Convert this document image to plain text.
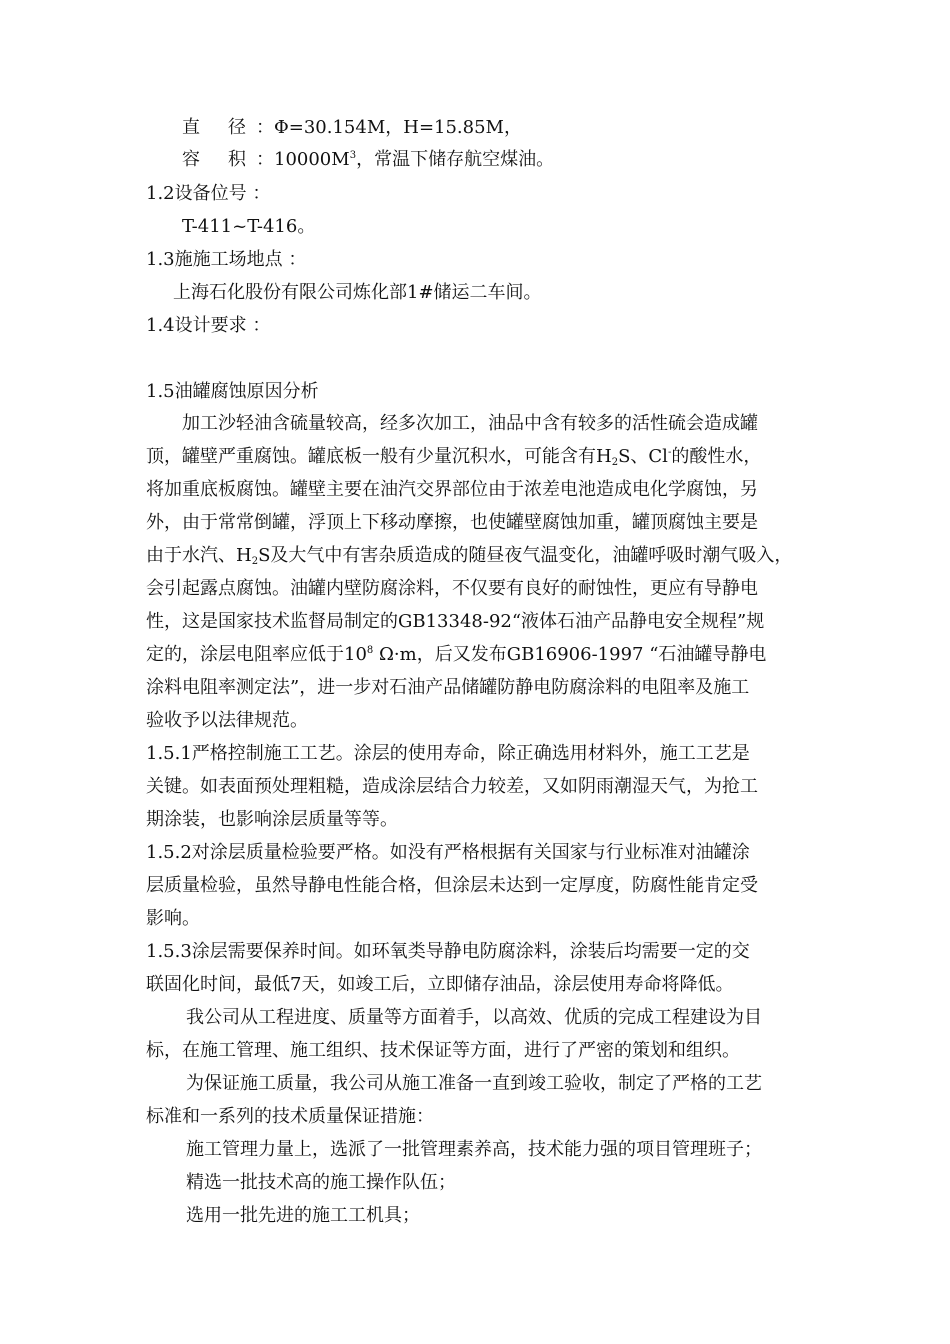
直 径 ：Φ=30.154M，H=15.85M，
容 积 ：$10000M^3$，常温下储存航空煤油。
1.2设备位号 ：
T-411~T-416。
1.3施施工场地点 ：
上海石化股份有限公司炼化部1#储运二车间。
1.4设计要求 ：
1.5油罐腐蚀原因分析
加工沙轻油含硫量较高，经多次加工，油品中含有较多的活性硫会造成罐
顶，罐壁严重腐蚀。罐底板一般有少量沉积水，可能含有$H_2S$、Cl-的酸性水，
将加重底板腐蚀。罐壁主要在油汽交界部位由于浓差电池造成电化学腐蚀，另
外，由于常常倒罐，浮顶上下移动摩擦，也使罐壁腐蚀加重，罐顶腐蚀主要是
由于水汽、$H_2S$及大气中有害杂质造成的随昼夜气温变化，油罐呼吸时潮气吸入，
会引起露点腐蚀。油罐内壁防腐涂料，不仅要有良好的耐蚀性，更应有导静电
性，这是国家技术监督局制定的GB13348-92“液体石油产品静电安全规程”规
定的，涂层电阻率应低于$10^8$ Ω·m，后又发布GB16906-1997 “石油罐导静电
涂料电阻率测定法”，进一步对石油产品储罐防静电防腐涂料的电阻率及施工
验收予以法律规范。
1.5.1严格控制施工工艺。涂层的使用寿命，除正确选用材料外，施工工艺是
关键。如表面预处理粗糙，造成涂层结合力较差，又如阴雨潮湿天气，为抢工
期涂装，也影响涂层质量等等。
1.5.2对涂层质量检验要严格。如没有严格根据有关国家与行业标准对油罐涂
层质量检验，虽然导静电性能合格，但涂层未达到一定厚度，防腐性能肯定受
影响。
1.5.3涂层需要保养时间。如环氧类导静电防腐涂料，涂装后均需要一定的交
联固化时间，最低7天，如竣工后，立即储存油品，涂层使用寿命将降低。
我公司从工程进度、质量等方面着手，以高效、优质的完成工程建设为目
标，在施工管理、施工组织、技术保证等方面，进行了严密的策划和组织。
为保证施工质量，我公司从施工准备一直到竣工验收，制定了严格的工艺
标准和一系列的技术质量保证措施：
施工管理力量上，选派了一批管理素养高，技术能力强的项目管理班子；
精选一批技术高的施工操作队伍；
选用一批先进的施工工机具；
